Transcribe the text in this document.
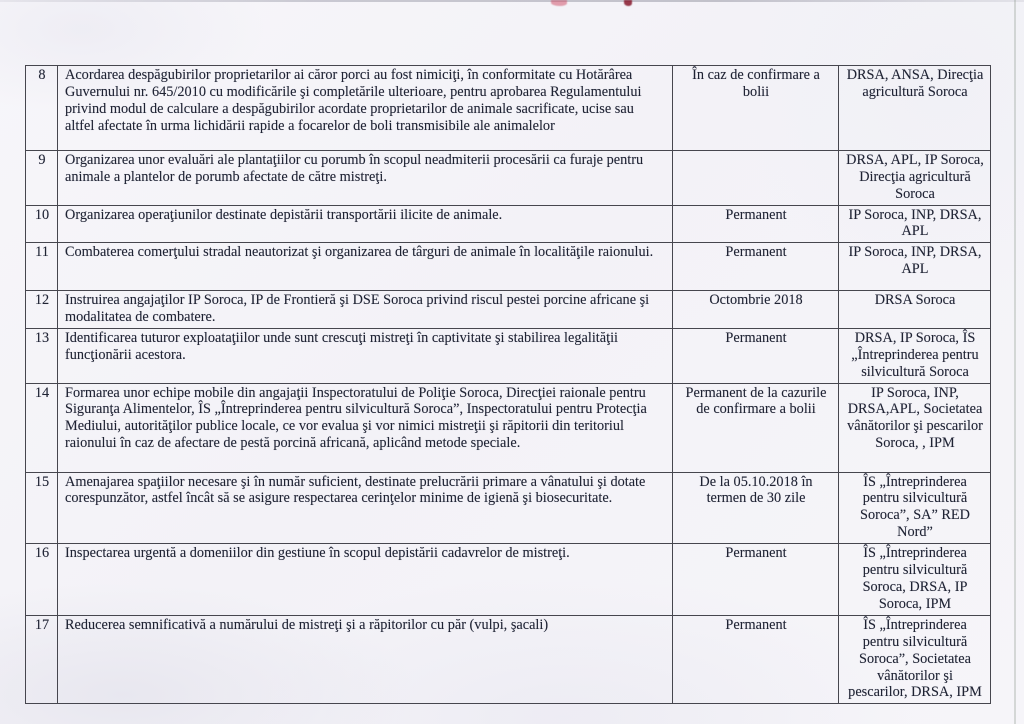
8	Acordarea despăgubirilor proprietarilor ai căror porci au fost nimiciţi, în conformitate cu Hotărârea Guvernului nr. 645/2010 cu modificările şi completările ulterioare, pentru aprobarea Regulamentului privind modul de calculare a despăgubirilor acordate proprietarilor de animale sacrificate, ucise sau altfel afectate în urma lichidării rapide a focarelor de boli transmisibile ale animalelor	În caz de confirmare a bolii	DRSA, ANSA, Direcţia agricultură Soroca
9	Organizarea unor evaluări ale plantaţiilor cu porumb în scopul neadmiterii procesării ca furaje pentru animale a plantelor de porumb afectate de către mistreţi.		DRSA, APL, IP Soroca, Direcţia agricultură Soroca
10	Organizarea operaţiunilor destinate depistării transportării ilicite de animale.	Permanent	IP Soroca, INP, DRSA, APL
11	Combaterea comerţului stradal neautorizat şi organizarea de târguri de animale în localităţile raionului.	Permanent	IP Soroca, INP, DRSA, APL
12	Instruirea angajaţilor IP Soroca, IP de Frontieră şi DSE Soroca privind riscul pestei porcine africane şi modalitatea de combatere.	Octombrie 2018	DRSA Soroca
13	Identificarea tuturor exploataţiilor unde sunt crescuţi mistreţi în captivitate şi stabilirea legalităţii funcţionării acestora.	Permanent	DRSA, IP Soroca, ÎS „Întreprinderea pentru silvicultură Soroca
14	Formarea unor echipe mobile din angajaţii Inspectoratului de Poliţie Soroca, Direcţiei raionale pentru Siguranţa Alimentelor, ÎS „Întreprinderea pentru silvicultură Soroca”, Inspectoratului pentru Protecţia Mediului, autorităţilor publice locale, ce vor evalua şi vor nimici mistreţii şi răpitorii din teritoriul raionului în caz de afectare de pestă porcină africană, aplicând metode speciale.	Permanent de la cazurile de confirmare a bolii	IP Soroca, INP, DRSA,APL, Societatea vânătorilor şi pescarilor Soroca, , IPM
15	Amenajarea spaţiilor necesare şi în număr suficient, destinate prelucrării primare a vânatului şi dotate corespunzător, astfel încât să se asigure respectarea cerinţelor minime de igienă şi biosecuritate.	De la 05.10.2018 în termen de 30 zile	ÎS „Întreprinderea pentru silvicultură Soroca”, SA” RED Nord”
16	Inspectarea urgentă a domeniilor din gestiune în scopul depistării cadavrelor de mistreţi.	Permanent	ÎS „Întreprinderea pentru silvicultură Soroca, DRSA, IP Soroca, IPM
17	Reducerea semnificativă a numărului de mistreţi şi a răpitorilor cu păr (vulpi, şacali)	Permanent	ÎS „Întreprinderea pentru silvicultură Soroca”, Societatea vânătorilor şi pescarilor, DRSA, IPM
